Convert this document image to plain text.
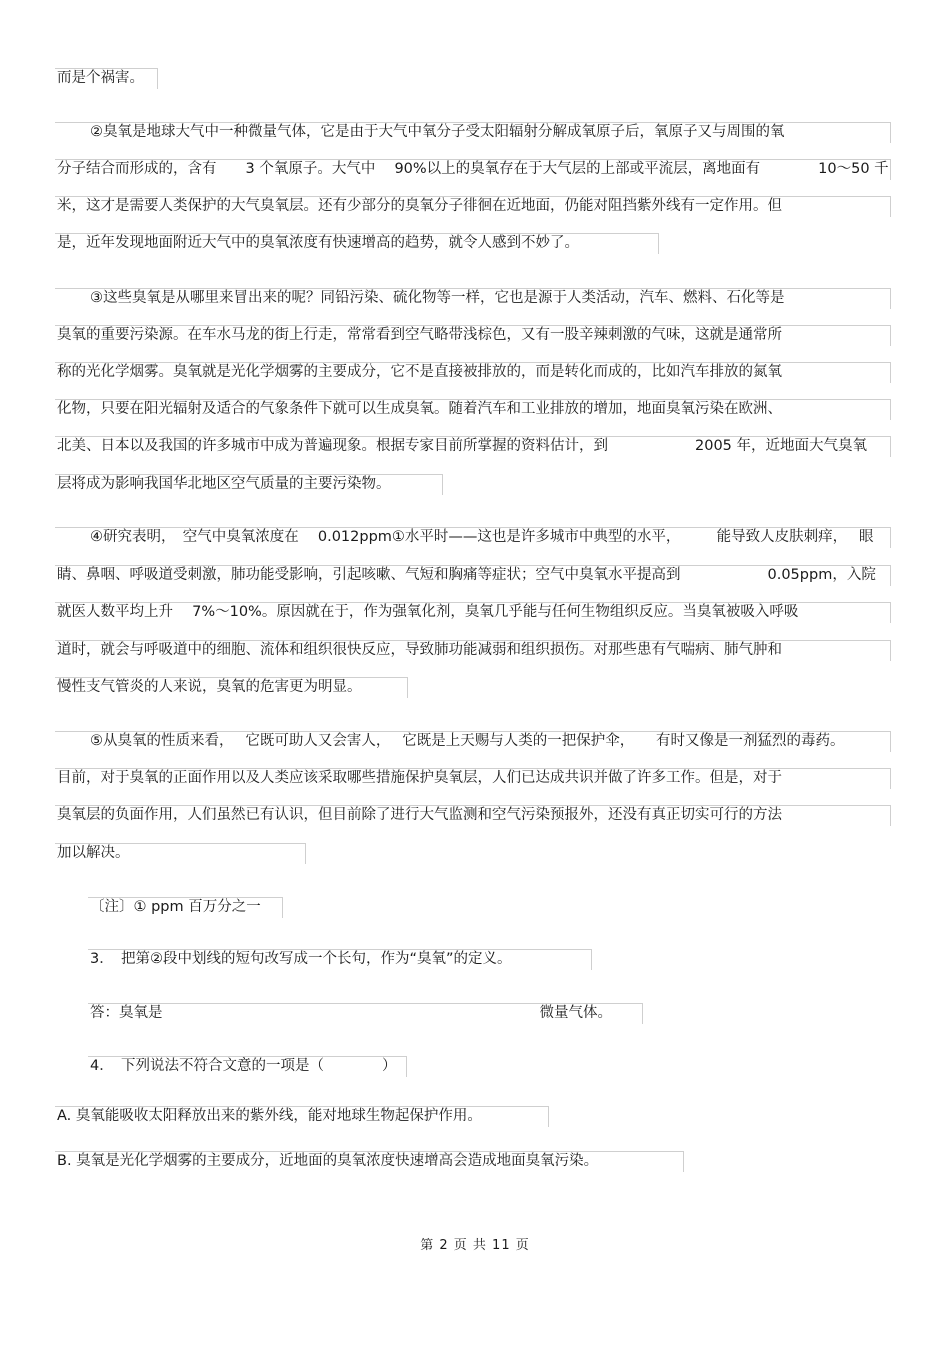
而是个祸害。
②臭氧是地球大气中一种微量气体，它是由于大气中氧分子受太阳辐射分解成氧原子后，氧原子又与周围的氧
分子结合而形成的，含有　　3 个氧原子。大气中　 90%以上的臭氧存在于大气层的上部或平流层，离地面有　　　　10～50 千
米，这才是需要人类保护的大气臭氧层。还有少部分的臭氧分子徘徊在近地面，仍能对阻挡紫外线有一定作用。但
是，近年发现地面附近大气中的臭氧浓度有快速增高的趋势，就令人感到不妙了。
③这些臭氧是从哪里来冒出来的呢？同铅污染、硫化物等一样，它也是源于人类活动，汽车、燃料、石化等是
臭氧的重要污染源。在车水马龙的街上行走，常常看到空气略带浅棕色，又有一股辛辣刺激的气味，这就是通常所
称的光化学烟雾。臭氧就是光化学烟雾的主要成分，它不是直接被排放的，而是转化而成的，比如汽车排放的氮氧
化物，只要在阳光辐射及适合的气象条件下就可以生成臭氧。随着汽车和工业排放的增加，地面臭氧污染在欧洲、
北美、日本以及我国的许多城市中成为普遍现象。根据专家目前所掌握的资料估计，到　　　　　　2005 年，近地面大气臭氧
层将成为影响我国华北地区空气质量的主要污染物。
④研究表明，　空气中臭氧浓度在　 0.012ppm①水平时——这也是许多城市中典型的水平，　　　能导致人皮肤刺痒，　 眼
睛、鼻咽、呼吸道受刺激，肺功能受影响，引起咳嗽、气短和胸痛等症状；空气中臭氧水平提高到　　　　　　0.05ppm，入院
就医人数平均上升　 7%～10%。原因就在于，作为强氧化剂，臭氧几乎能与任何生物组织反应。当臭氧被吸入呼吸
道时，就会与呼吸道中的细胞、流体和组织很快反应，导致肺功能减弱和组织损伤。对那些患有气喘病、肺气肿和
慢性支气管炎的人来说，臭氧的危害更为明显。
⑤从臭氧的性质来看，　 它既可助人又会害人，　 它既是上天赐与人类的一把保护伞，　　有时又像是一剂猛烈的毒药。
目前，对于臭氧的正面作用以及人类应该采取哪些措施保护臭氧层，人们已达成共识并做了许多工作。但是，对于
臭氧层的负面作用，人们虽然已有认识，但目前除了进行大气监测和空气污染预报外，还没有真正切实可行的方法
加以解决。
〔注〕① ppm 百万分之一
3．　把第②段中划线的短句改写成一个长句，作为“臭氧”的定义。
答：臭氧是　　　　　　　　　　　　　　　　　　　　　　　　　　微量气体。
4．　下列说法不符合文意的一项是（　　　　）
A. 臭氧能吸收太阳释放出来的紫外线，能对地球生物起保护作用。
B. 臭氧是光化学烟雾的主要成分，近地面的臭氧浓度快速增高会造成地面臭氧污染。
第 2 页 共 11 页
